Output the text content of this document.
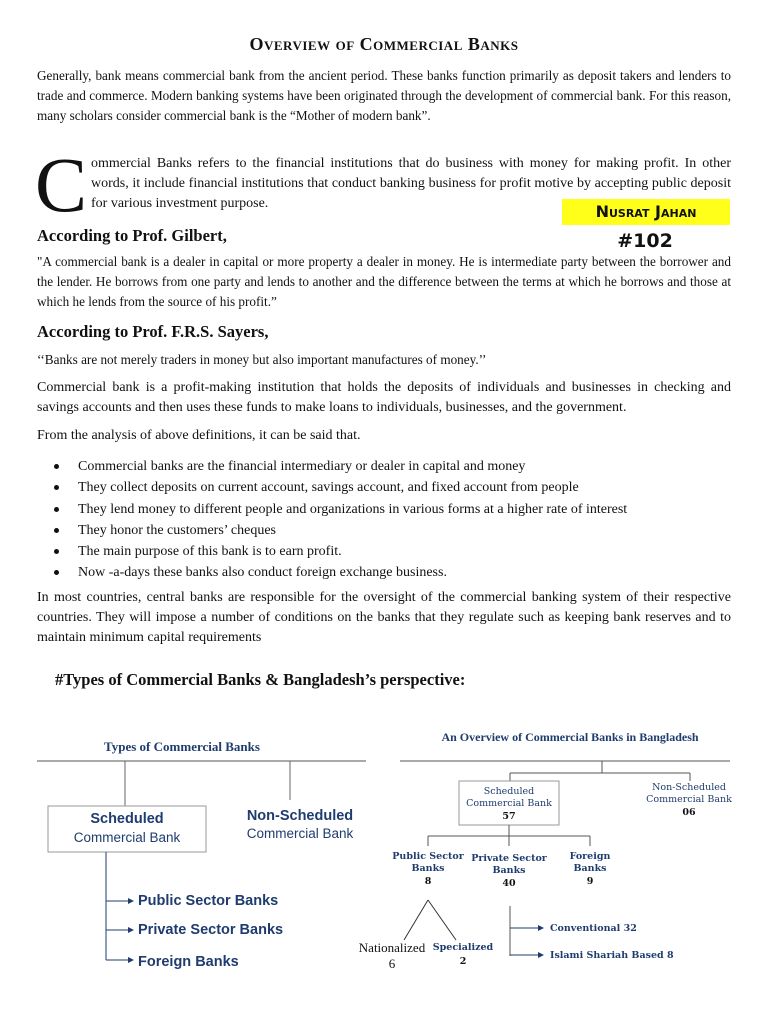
Overview of Commercial Banks
Generally, bank means commercial bank from the ancient period. These banks function primarily as deposit takers and lenders to trade and commerce. Modern banking systems have been originated through the development of commercial bank. For this reason, many scholars consider commercial bank is the “Mother of modern bank”.
C ommercial Banks refers to the financial institutions that do business with money for making profit. In other words, it include financial institutions that conduct banking business for profit motive by accepting public deposit for various investment purpose.	Nusrat Jahan
#102
According to Prof. Gilbert,
"A commercial bank is a dealer in capital or more property a dealer in money. He is intermediate party between the borrower and the lender. He borrows from one party and lends to another and the difference between the terms at which he borrows and those at which he lends from the source of his profit.”
According to Prof. F.R.S. Sayers,
‘‘Banks are not merely traders in money but also important manufactures of money.’’
Commercial bank is a profit-making institution that holds the deposits of individuals and businesses in checking and savings accounts and then uses these funds to make loans to individuals, businesses, and the government.
From the analysis of above definitions, it can be said that.
Commercial banks are the financial intermediary or dealer in capital and money
They collect deposits on current account, savings account, and fixed account from people
They lend money to different people and organizations in various forms at a higher rate of interest
They honor the customers’ cheques
The main purpose of this bank is to earn profit.
Now -a-days these banks also conduct foreign exchange business.
In most countries, central banks are responsible for the oversight of the commercial banking system of their respective countries. They will impose a number of conditions on the banks that they regulate such as keeping bank reserves and to maintain minimum capital requirements
#Types of Commercial Banks & Bangladesh’s perspective:
Types of Commercial Banks
Scheduled
Commercial Bank
Non-Scheduled
Commercial Bank
Public Sector Banks
Private Sector Banks
Foreign Banks
An Overview of Commercial Banks in Bangladesh
Scheduled
Commercial Bank
57
Non-Scheduled
Commercial Bank
06
Public Sector
Banks
8
Private Sector
Banks
40
Foreign
Banks
9
Nationalized
6
Specialized
2
Conventional 32
Islami Shariah Based 8
